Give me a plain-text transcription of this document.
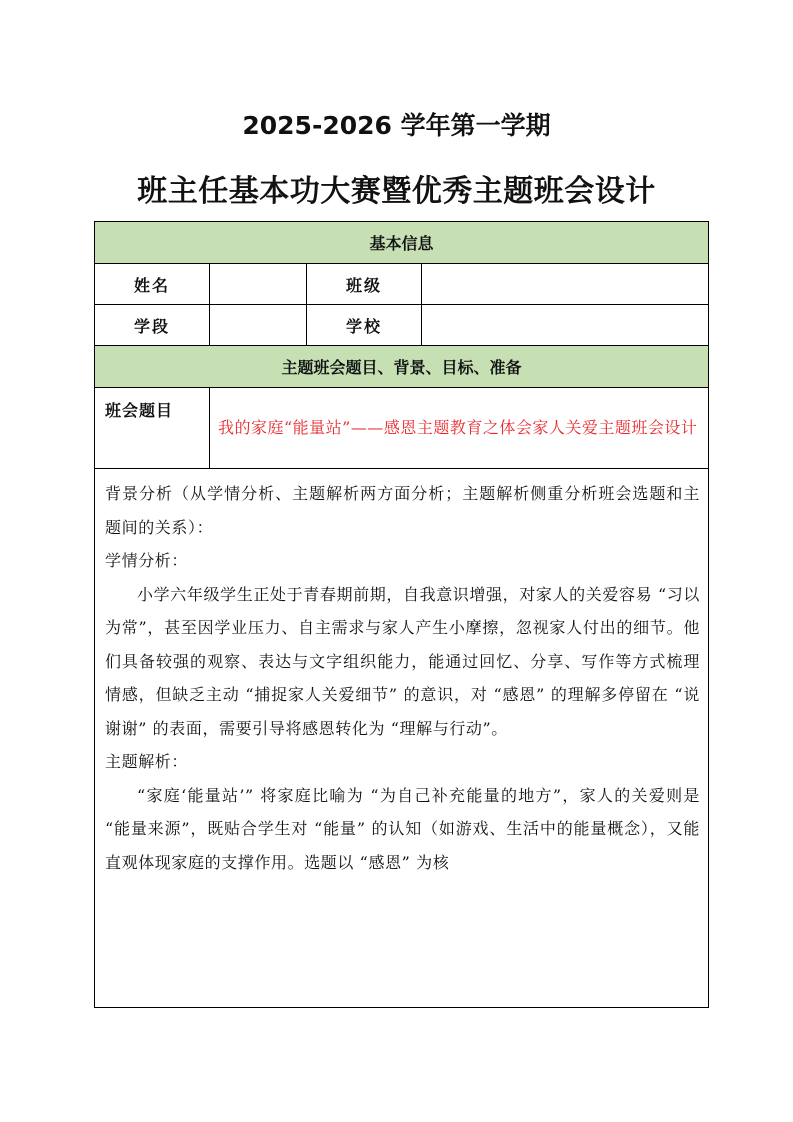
2025-2026 学年第一学期
班主任基本功大赛暨优秀主题班会设计
基本信息			
姓名		班级	
学段		学校	
主题班会题目、背景、目标、准备			
班会题目	我的家庭“能量站”——感恩主题教育之体会家人关爱主题班会设计		

背景分析（从学情分析、主题解析两方面分析；主题解析侧重分析班会选题和主题间的关系）：

学情分析：

小学六年级学生正处于青春期前期，自我意识增强，对家人的关爱容易 “习以为常”，甚至因学业压力、自主需求与家人产生小摩擦，忽视家人付出的细节。他们具备较强的观察、表达与文字组织能力，能通过回忆、分享、写作等方式梳理情感，但缺乏主动 “捕捉家人关爱细节” 的意识，对 “感恩” 的理解多停留在 “说谢谢” 的表面，需要引导将感恩转化为 “理解与行动”。

主题解析：

“家庭‘能量站’” 将家庭比喻为 “为自己补充能量的地方”，家人的关爱则是 “能量来源”，既贴合学生对 “能量” 的认知（如游戏、生活中的能量概念），又能直观体现家庭的支撑作用。选题以 “感恩” 为核			
